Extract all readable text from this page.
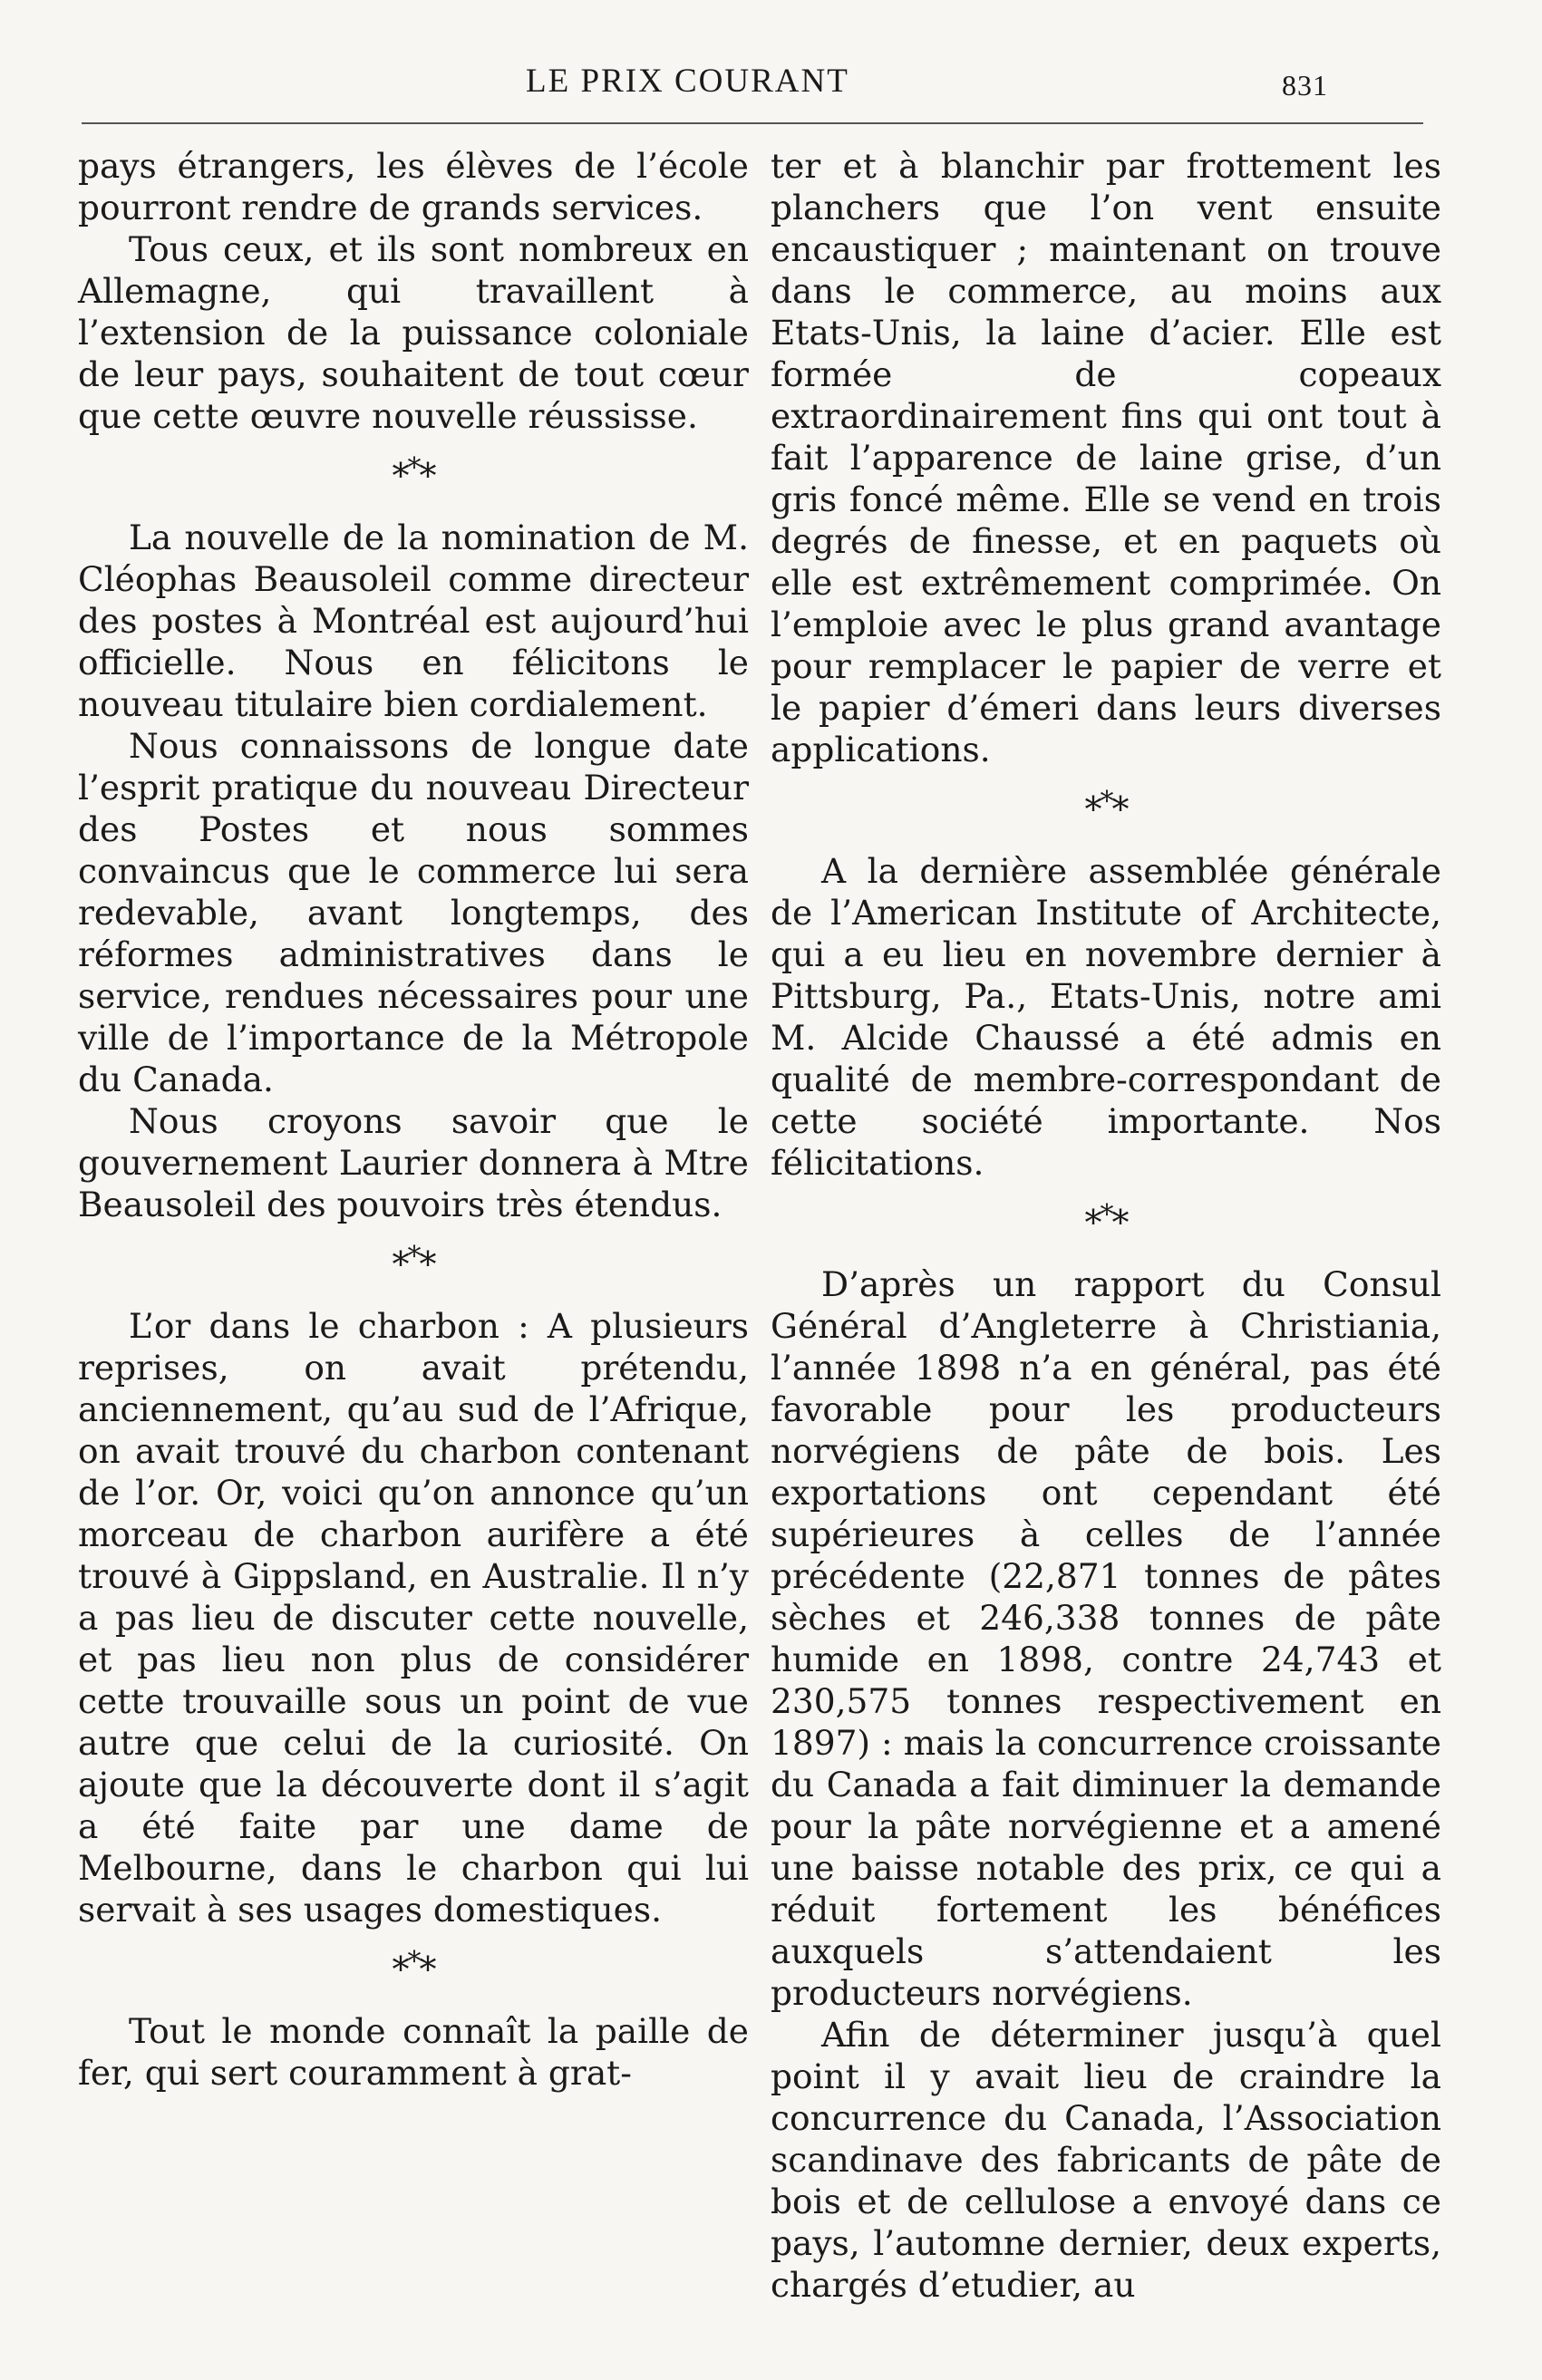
LE PRIX COURANT	831

pays étrangers, les élèves de l’école pourront rendre de grands services.

Tous ceux, et ils sont nombreux en Allemagne, qui travaillent à l’extension de la puissance coloniale de leur pays, souhaitent de tout cœur que cette œuvre nouvelle réussisse.

***

La nouvelle de la nomination de M. Cléophas Beausoleil comme directeur des postes à Montréal est aujourd’hui officielle. Nous en félicitons le nouveau titulaire bien cordialement.

Nous connaissons de longue date l’esprit pratique du nouveau Directeur des Postes et nous sommes convaincus que le commerce lui sera redevable, avant longtemps, des réformes administratives dans le service, rendues nécessaires pour une ville de l’importance de la Métropole du Canada.

Nous croyons savoir que le gouvernement Laurier donnera à Mtre Beausoleil des pouvoirs très étendus.

***

L’or dans le charbon : A plusieurs reprises, on avait prétendu, anciennement, qu’au sud de l’Afrique, on avait trouvé du charbon contenant de l’or. Or, voici qu’on annonce qu’un morceau de charbon aurifère a été trouvé à Gippsland, en Australie. Il n’y a pas lieu de discuter cette nouvelle, et pas lieu non plus de considérer cette trouvaille sous un point de vue autre que celui de la curiosité. On ajoute que la découverte dont il s’agit a été faite par une dame de Melbourne, dans le charbon qui lui servait à ses usages domestiques.

***

Tout le monde connaît la paille de fer, qui sert couramment à grat-

ter et à blanchir par frottement les planchers que l’on vent ensuite encaustiquer ; maintenant on trouve dans le commerce, au moins aux Etats-Unis, la laine d’acier. Elle est formée de copeaux extraordinairement fins qui ont tout à fait l’apparence de laine grise, d’un gris foncé même. Elle se vend en trois degrés de finesse, et en paquets où elle est extrêmement comprimée. On l’emploie avec le plus grand avantage pour remplacer le papier de verre et le papier d’émeri dans leurs diverses applications.

***

A la dernière assemblée générale de l’American Institute of Architecte, qui a eu lieu en novembre dernier à Pittsburg, Pa., Etats-Unis, notre ami M. Alcide Chaussé a été admis en qualité de membre-correspondant de cette société importante. Nos félicitations.

***

D’après un rapport du Consul Général d’Angleterre à Christiania, l’année 1898 n’a en général, pas été favorable pour les producteurs norvégiens de pâte de bois. Les exportations ont cependant été supérieures à celles de l’année précédente (22,871 tonnes de pâtes sèches et 246,338 tonnes de pâte humide en 1898, contre 24,743 et 230,575 tonnes respectivement en 1897) : mais la concurrence croissante du Canada a fait diminuer la demande pour la pâte norvégienne et a amené une baisse notable des prix, ce qui a réduit fortement les bénéfices auxquels s’attendaient les producteurs norvégiens.

Afin de déterminer jusqu’à quel point il y avait lieu de craindre la concurrence du Canada, l’Association scandinave des fabricants de pâte de bois et de cellulose a envoyé dans ce pays, l’automne dernier, deux experts, chargés d’etudier, au
